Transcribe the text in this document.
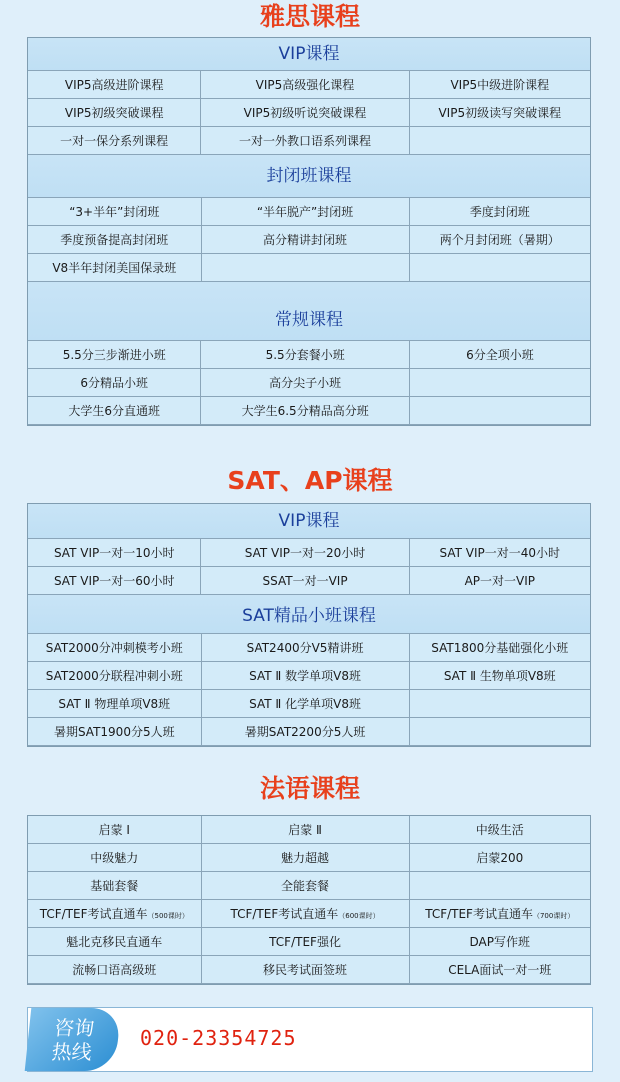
雅思课程
VIP课程
VIP5高级进阶课程	VIP5高级强化课程	VIP5中级进阶课程
VIP5初级突破课程	VIP5初级听说突破课程	VIP5初级读写突破课程
一对一保分系列课程	一对一外教口语系列课程	
封闭班课程
“3+半年”封闭班	“半年脱产”封闭班	季度封闭班
季度预备提高封闭班	高分精讲封闭班	两个月封闭班（暑期）
V8半年封闭美国保录班		
常规课程
5.5分三步渐进小班	5.5分套餐小班	6分全项小班
6分精品小班	高分尖子小班	
大学生6分直通班	大学生6.5分精品高分班	
SAT、AP课程
VIP课程
SAT VIP一对一10小时	SAT VIP一对一20小时	SAT VIP一对一40小时
SAT VIP一对一60小时	SSAT一对一VIP	AP一对一VIP
SAT精品小班课程
SAT2000分冲刺模考小班	SAT2400分V5精讲班	SAT1800分基础强化小班
SAT2000分联程冲刺小班	SAT Ⅱ 数学单项V8班	SAT Ⅱ 生物单项V8班
SAT Ⅱ 物理单项V8班	SAT Ⅱ 化学单项V8班	
暑期SAT1900分5人班	暑期SAT2200分5人班	
法语课程
启蒙 Ⅰ	启蒙 Ⅱ	中级生活
中级魅力	魅力超越	启蒙200
基础套餐	全能套餐	
TCF/TEF考试直通车（500课时）	TCF/TEF考试直通车（600课时）	TCF/TEF考试直通车（700课时）
魁北克移民直通车	TCF/TEF强化	DAP写作班
流畅口语高级班	移民考试面签班	CELA面试一对一班
咨询
热线
020-23354725
